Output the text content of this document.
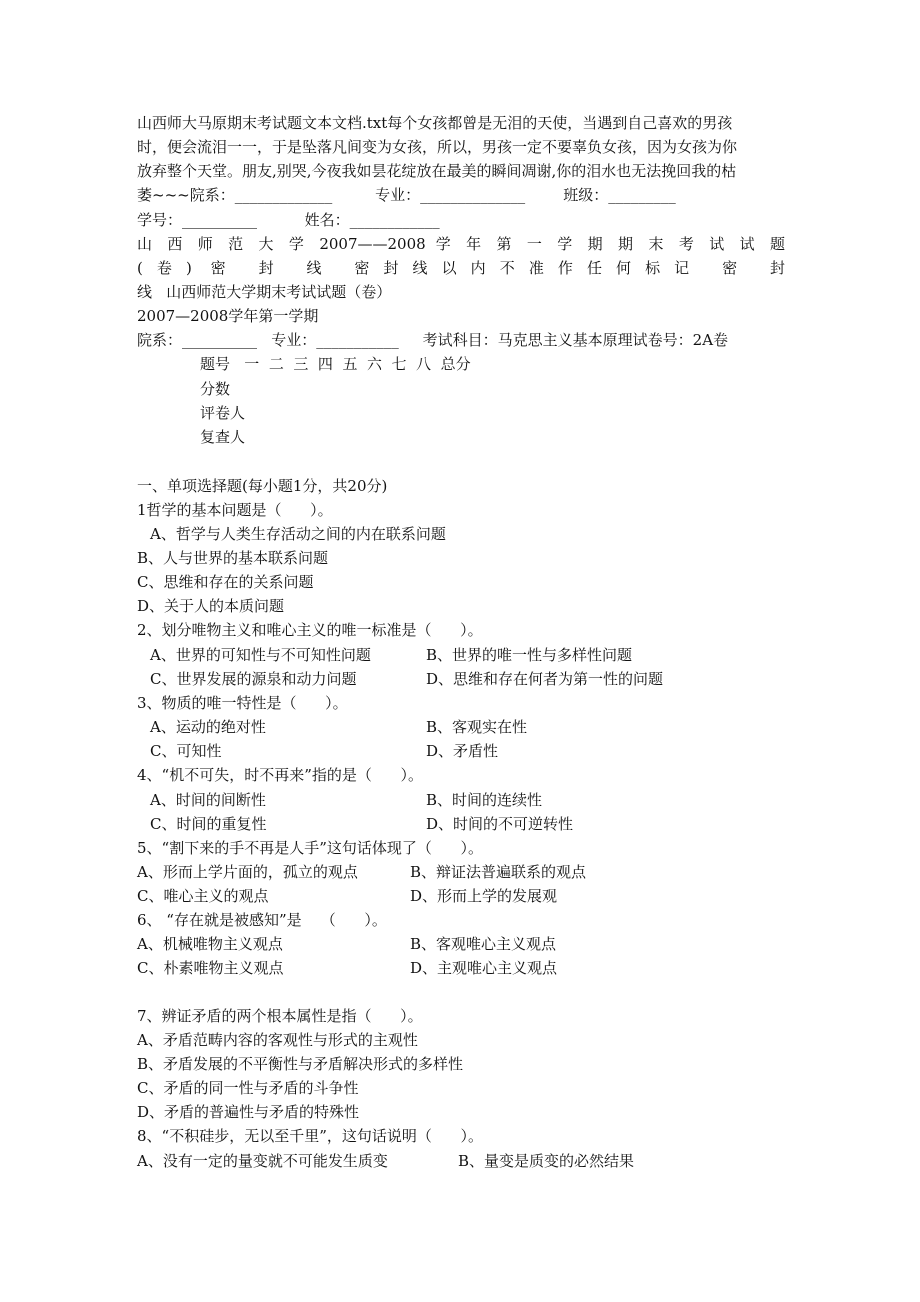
山西师大马原期末考试题文本文档.txt每个女孩都曾是无泪的天使，当遇到自己喜欢的男孩
时，便会流泪一一，于是坠落凡间变为女孩，所以，男孩一定不要辜负女孩，因为女孩为你
放弃整个天堂。朋友,别哭,今夜我如昙花绽放在最美的瞬间凋谢,你的泪水也无法挽回我的枯
萎~~~院系：_____________         专业：______________        班级：_________
学号：__________          姓名：____________
山 西 师 范 大 学 2007——2008 学 年 第 一 学 期 期 末 考 试 试 题
(卷) 密 封 线 密封线以内不准作任何标记 密 封
线   山西师范大学期末考试试题（卷）
2007—2008学年第一学期
院系：__________   专业：___________     考试科目：马克思主义基本原理试卷号：2A卷
题号   一  二  三  四  五  六  七  八  总分
分数
评卷人
复查人
一、单项选择题(每小题1分，共20分)
1哲学的基本问题是（      ）。
A、哲学与人类生存活动之间的内在联系问题
B、人与世界的基本联系问题
C、思维和存在的关系问题
D、关于人的本质问题
2、划分唯物主义和唯心主义的唯一标准是（      ）。
A、世界的可知性与不可知性问题	B、世界的唯一性与多样性问题
C、世界发展的源泉和动力问题	D、思维和存在何者为第一性的问题
3、物质的唯一特性是（      ）。
A、运动的绝对性	B、客观实在性
C、可知性	D、矛盾性
4、“机不可失，时不再来”指的是（      ）。
A、时间的间断性	B、时间的连续性
C、时间的重复性	D、时间的不可逆转性
5、“割下来的手不再是人手”这句话体现了（      ）。
A、形而上学片面的，孤立的观点	B、辩证法普遍联系的观点
C、唯心主义的观点	D、形而上学的发展观
6、 “存在就是被感知”是    （      ）。
A、机械唯物主义观点	B、客观唯心主义观点
C、朴素唯物主义观点	D、主观唯心主义观点
7、辨证矛盾的两个根本属性是指（      ）。
A、矛盾范畴内容的客观性与形式的主观性
B、矛盾发展的不平衡性与矛盾解决形式的多样性
C、矛盾的同一性与矛盾的斗争性
D、矛盾的普遍性与矛盾的特殊性
8、“不积硅步，无以至千里”，这句话说明（      ）。
A、没有一定的量变就不可能发生质变	B、量变是质变的必然结果
